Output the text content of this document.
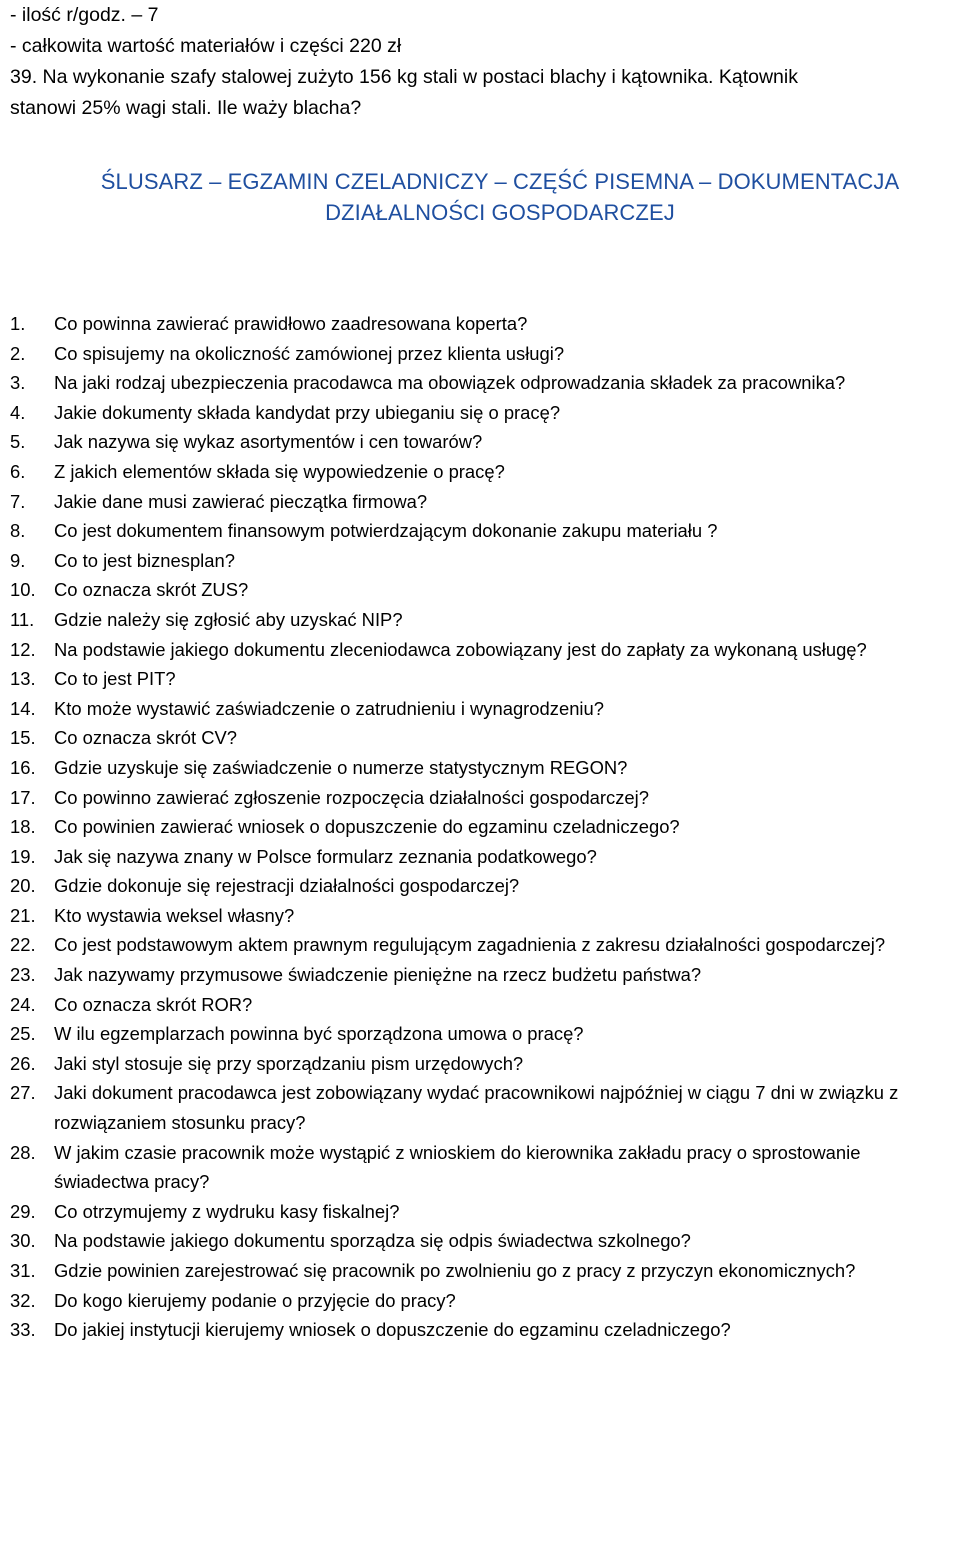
- ilość r/godz. – 7
- całkowita wartość materiałów i części 220 zł
39. Na wykonanie szafy stalowej zużyto 156 kg stali w postaci blachy i kątownika. Kątownik
stanowi 25% wagi stali. Ile waży blacha?
ŚLUSARZ – EGZAMIN CZELADNICZY – CZĘŚĆ PISEMNA – DOKUMENTACJA
DZIAŁALNOŚCI GOSPODARCZEJ
1.	Co powinna zawierać prawidłowo zaadresowana koperta?
2.	Co spisujemy na okoliczność zamówionej przez klienta usługi?
3.	Na jaki rodzaj ubezpieczenia pracodawca ma obowiązek odprowadzania składek za pracownika?
4.	Jakie dokumenty składa kandydat przy ubieganiu się o pracę?
5.	Jak nazywa się wykaz asortymentów i cen towarów?
6.	Z jakich elementów składa się wypowiedzenie o pracę?
7.	Jakie dane musi zawierać pieczątka firmowa?
8.	Co jest dokumentem finansowym potwierdzającym dokonanie zakupu materiału ?
9.	Co to jest biznesplan?
10.	Co oznacza skrót ZUS?
11.	Gdzie należy się zgłosić aby uzyskać NIP?
12.	Na podstawie jakiego dokumentu zleceniodawca zobowiązany jest do zapłaty za wykonaną usługę?
13.	Co to jest PIT?
14.	Kto może wystawić zaświadczenie o zatrudnieniu i wynagrodzeniu?
15.	Co oznacza skrót CV?
16.	Gdzie uzyskuje się zaświadczenie o numerze statystycznym REGON?
17.	Co powinno zawierać zgłoszenie rozpoczęcia działalności gospodarczej?
18.	Co powinien zawierać wniosek o dopuszczenie do egzaminu czeladniczego?
19.	Jak się nazywa znany w Polsce formularz zeznania podatkowego?
20.	Gdzie dokonuje się rejestracji działalności gospodarczej?
21.	Kto wystawia weksel własny?
22.	Co jest podstawowym aktem prawnym regulującym zagadnienia z zakresu działalności gospodarczej?
23.	Jak nazywamy przymusowe świadczenie pieniężne na rzecz budżetu państwa?
24.	Co oznacza skrót ROR?
25.	W ilu egzemplarzach powinna być sporządzona umowa o pracę?
26.	Jaki styl stosuje się przy sporządzaniu pism urzędowych?
27.	Jaki dokument pracodawca jest zobowiązany wydać pracownikowi najpóźniej w ciągu 7 dni w związku z rozwiązaniem stosunku pracy?
28.	W jakim czasie pracownik może wystąpić z wnioskiem do kierownika zakładu pracy o sprostowanie świadectwa pracy?
29.	Co otrzymujemy z wydruku kasy fiskalnej?
30.	Na podstawie jakiego dokumentu sporządza się odpis świadectwa szkolnego?
31.	Gdzie powinien zarejestrować się pracownik po zwolnieniu go z pracy z przyczyn ekonomicznych?
32.	Do kogo kierujemy podanie o przyjęcie do pracy?
33.	Do jakiej instytucji kierujemy wniosek o dopuszczenie do egzaminu czeladniczego?
